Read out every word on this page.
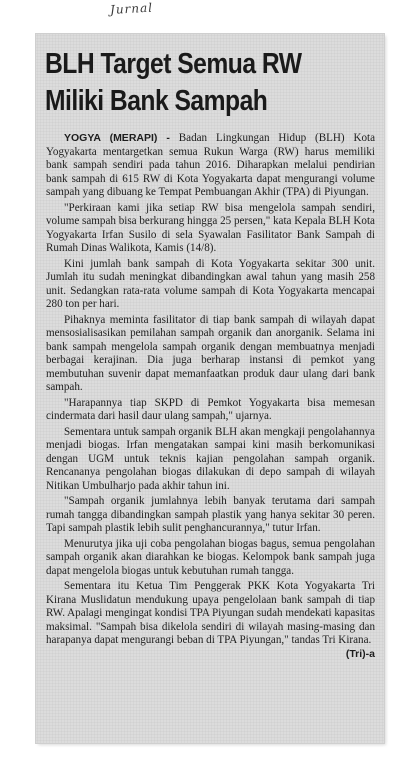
Jurnal
BLH Target Semua RW
Miliki Bank Sampah

YOGYA (MERAPI) - Badan Lingkungan Hidup (BLH) Kota Yogyakarta mentargetkan semua Rukun Warga (RW) harus memiliki bank sampah sendiri pada tahun 2016. Diharapkan melalui pendirian bank sampah di 615 RW di Kota Yogyakarta dapat mengurangi volume sampah yang dibuang ke Tempat Pembuangan Akhir (TPA) di Piyungan.

"Perkiraan kami jika setiap RW bisa mengelola sampah sendiri, volume sampah bisa berkurang hingga 25 persen," kata Kepala BLH Kota Yogyakarta Irfan Susilo di sela Syawalan Fasilitator Bank Sampah di Rumah Dinas Walikota, Kamis (14/8).

Kini jumlah bank sampah di Kota Yogyakarta sekitar 300 unit. Jumlah itu sudah meningkat dibandingkan awal tahun yang masih 258 unit. Sedangkan rata-rata volume sampah di Kota Yogyakarta mencapai 280 ton per hari.

Pihaknya meminta fasilitator di tiap bank sampah di wilayah dapat mensosialisasikan pemilahan sampah organik dan anorganik. Selama ini bank sampah mengelola sampah organik dengan membuatnya menjadi berbagai kerajinan. Dia juga berharap instansi di pemkot yang membutuhan suvenir dapat memanfaatkan produk daur ulang dari bank sampah.

"Harapannya tiap SKPD di Pemkot Yogyakarta bisa memesan cindermata dari hasil daur ulang sampah," ujarnya.

Sementara untuk sampah organik BLH akan mengkaji pengolahannya menjadi biogas. Irfan mengatakan sampai kini masih berkomunikasi dengan UGM untuk teknis kajian pengolahan sampah organik. Rencananya pengolahan biogas dilakukan di depo sampah di wilayah Nitikan Umbulharjo pada akhir tahun ini.

"Sampah organik jumlahnya lebih banyak terutama dari sampah rumah tangga dibandingkan sampah plastik yang hanya sekitar 30 peren. Tapi sampah plastik lebih sulit penghancurannya," tutur Irfan.

Menurutya jika uji coba pengolahan biogas bagus, semua pengolahan sampah organik akan diarahkan ke biogas. Kelompok bank sampah juga dapat mengelola biogas untuk kebutuhan rumah tangga.

Sementara itu Ketua Tim Penggerak PKK Kota Yogyakarta Tri Kirana Muslidatun mendukung upaya pengelolaan bank sampah di tiap RW. Apalagi mengingat kondisi TPA Piyungan sudah mendekati kapasitas maksimal. "Sampah bisa dikelola sendiri di wilayah masing-masing dan harapanya dapat mengurangi beban di TPA Piyungan," tandas Tri Kirana.
(Tri)-a
